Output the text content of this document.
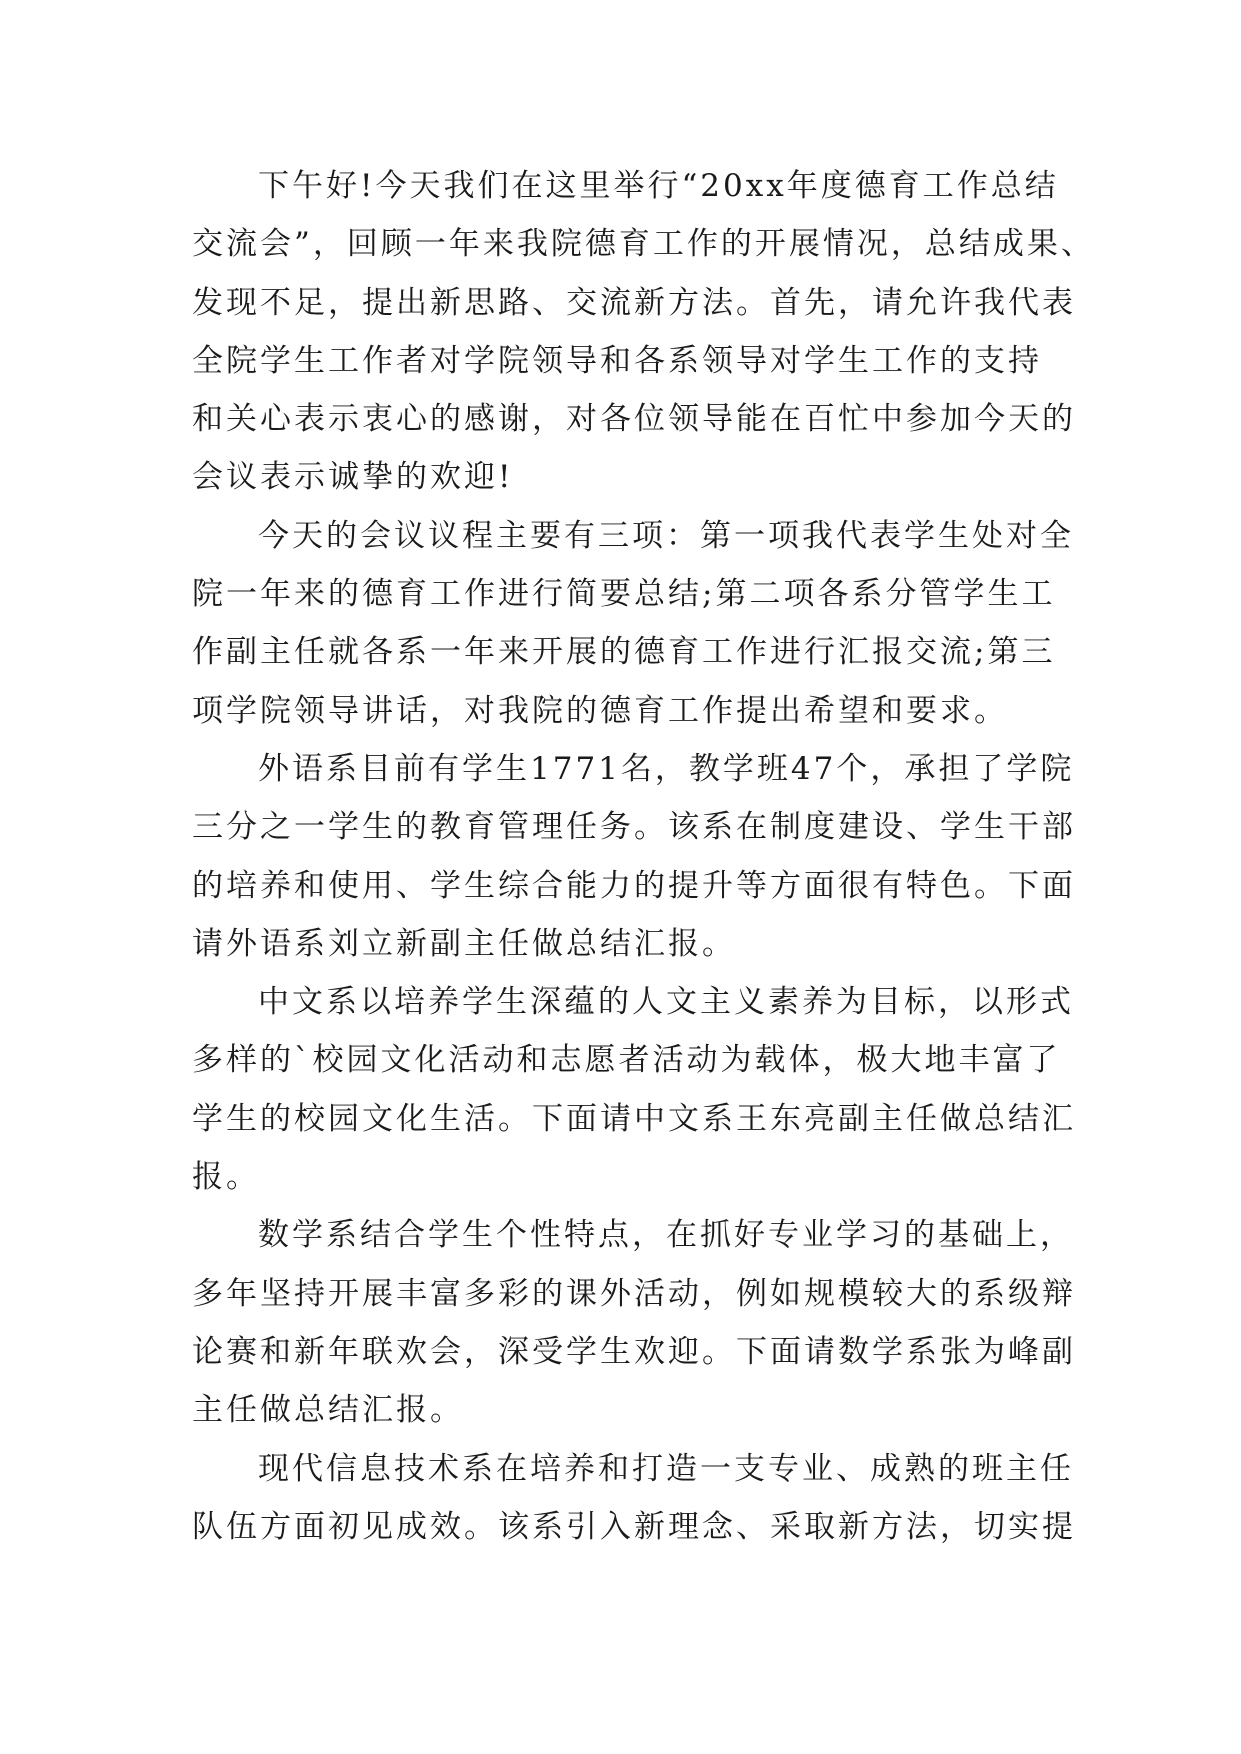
下午好!今天我们在这里举行“20xx年度德育工作总结
交流会”，回顾一年来我院德育工作的开展情况，总结成果、
发现不足，提出新思路、交流新方法。首先，请允许我代表
全院学生工作者对学院领导和各系领导对学生工作的支持
和关心表示衷心的感谢，对各位领导能在百忙中参加今天的
会议表示诚挚的欢迎!

今天的会议议程主要有三项：第一项我代表学生处对全
院一年来的德育工作进行简要总结;第二项各系分管学生工
作副主任就各系一年来开展的德育工作进行汇报交流;第三
项学院领导讲话，对我院的德育工作提出希望和要求。

外语系目前有学生1771名，教学班47个，承担了学院
三分之一学生的教育管理任务。该系在制度建设、学生干部
的培养和使用、学生综合能力的提升等方面很有特色。下面
请外语系刘立新副主任做总结汇报。

中文系以培养学生深蕴的人文主义素养为目标，以形式
多样的`校园文化活动和志愿者活动为载体，极大地丰富了
学生的校园文化生活。下面请中文系王东亮副主任做总结汇
报。

数学系结合学生个性特点，在抓好专业学习的基础上，
多年坚持开展丰富多彩的课外活动，例如规模较大的系级辩
论赛和新年联欢会，深受学生欢迎。下面请数学系张为峰副
主任做总结汇报。

现代信息技术系在培养和打造一支专业、成熟的班主任
队伍方面初见成效。该系引入新理念、采取新方法，切实提
